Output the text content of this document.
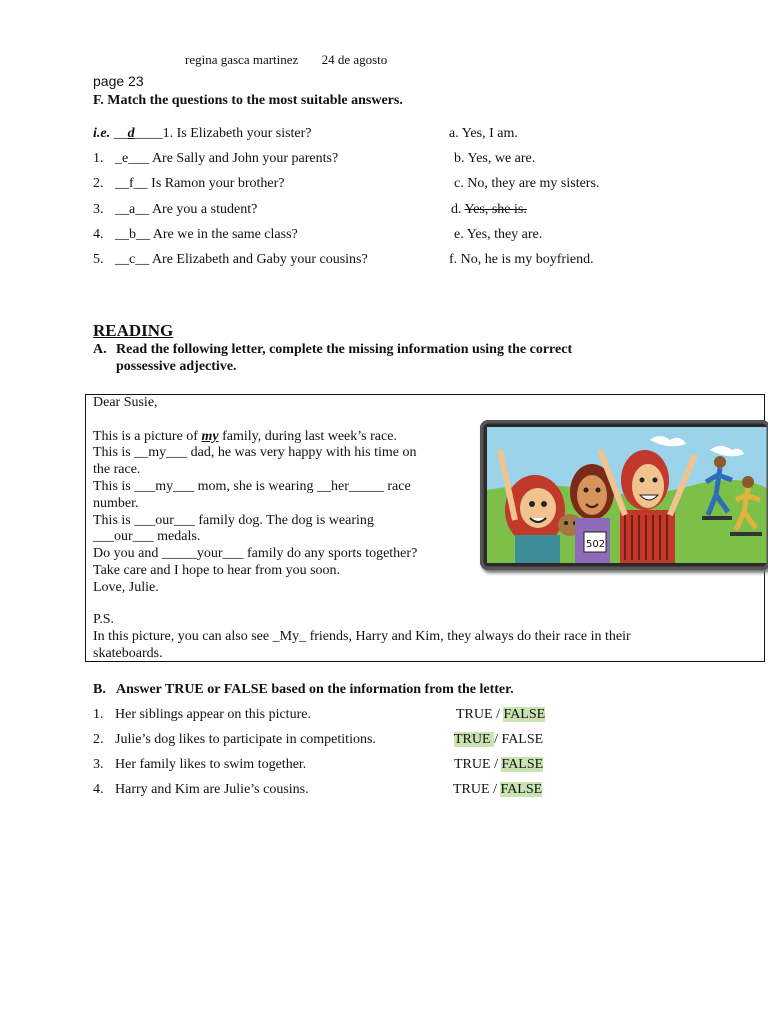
regina gasca martinez 24 de agosto
page 23
F. Match the questions to the most suitable answers.
i.e. __d____1. Is Elizabeth your sister?	a. Yes, I am.
1. _e___ Are Sally and John your parents?	b. Yes, we are.
2. __f__ Is Ramon your brother?	c. No, they are my sisters.
3. __a__ Are you a student?	d. Yes, she is.
4. __b__ Are we in the same class?	e. Yes, they are.
5. __c__ Are Elizabeth and Gaby your cousins?	f. No, he is my boyfriend.
READING
A. Read the following letter, complete the missing information using the correct
possessive adjective.
Dear Susie,

This is a picture of my family, during last week’s race.
This is __my___ dad, he was very happy with his time on
the race.
This is ___my___ mom, she is wearing __her_____ race
number.
This is ___our___ family dog. The dog is wearing
___our___ medals.
Do you and _____your___ family do any sports together?
Take care and I hope to hear from you soon.
Love, Julie.
P.S.
In this picture, you can also see _My_ friends, Harry and Kim, they always do their race in their skateboards.
502
B. Answer TRUE or FALSE based on the information from the letter.
1. Her siblings appear on this picture.	TRUE / FALSE
2. Julie’s dog likes to participate in competitions.	TRUE / FALSE
3. Her family likes to swim together.	TRUE / FALSE
4. Harry and Kim are Julie’s cousins.	TRUE / FALSE
